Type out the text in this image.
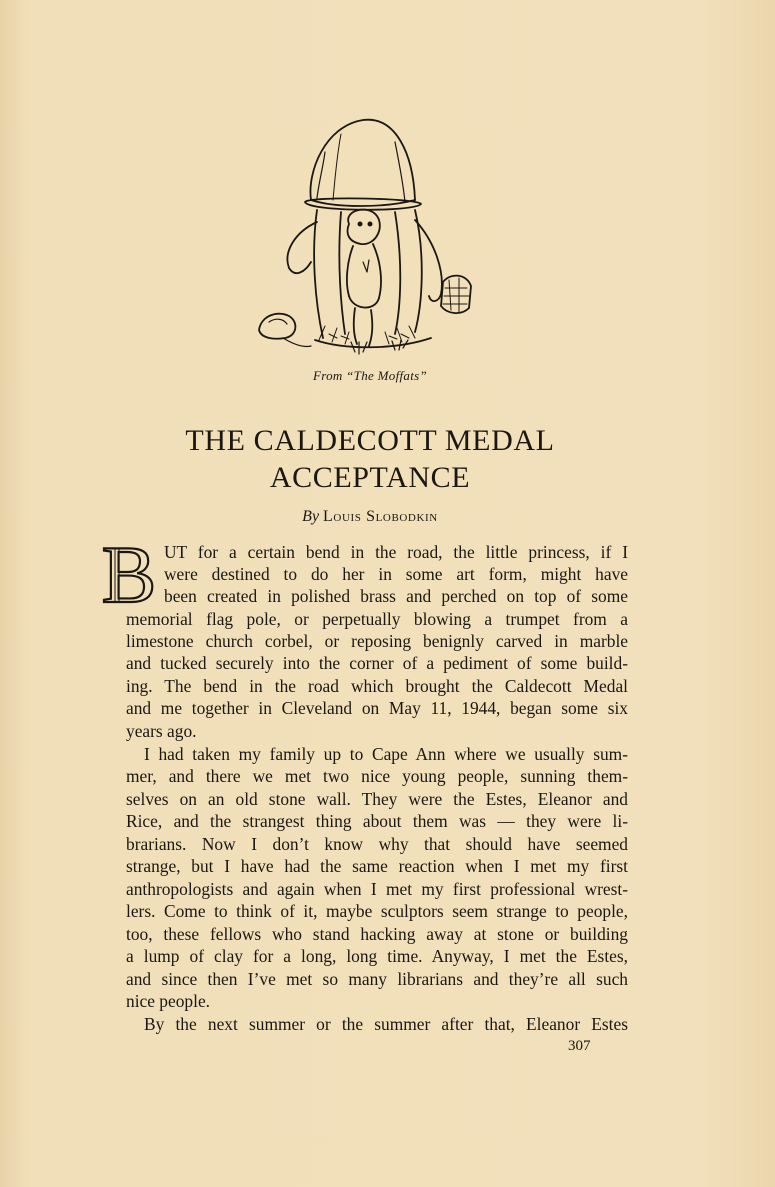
From “The Moffats”
THE CALDECOTT MEDAL
ACCEPTANCE
By Louis Slobodkin
B UT for a certain bend in the road, the little princess, if I
were destined to do her in some art form, might have
been created in polished brass and perched on top of some
memorial flag pole, or perpetually blowing a trumpet from a
limestone church corbel, or reposing benignly carved in marble
and tucked securely into the corner of a pediment of some build-
ing. The bend in the road which brought the Caldecott Medal
and me together in Cleveland on May 11, 1944, began some six
years ago.
I had taken my family up to Cape Ann where we usually sum-
mer, and there we met two nice young people, sunning them-
selves on an old stone wall. They were the Estes, Eleanor and
Rice, and the strangest thing about them was — they were li-
brarians. Now I don’t know why that should have seemed
strange, but I have had the same reaction when I met my first
anthropologists and again when I met my first professional wrest-
lers. Come to think of it, maybe sculptors seem strange to people,
too, these fellows who stand hacking away at stone or building
a lump of clay for a long, long time. Anyway, I met the Estes,
and since then I’ve met so many librarians and they’re all such
nice people.
By the next summer or the summer after that, Eleanor Estes
307
